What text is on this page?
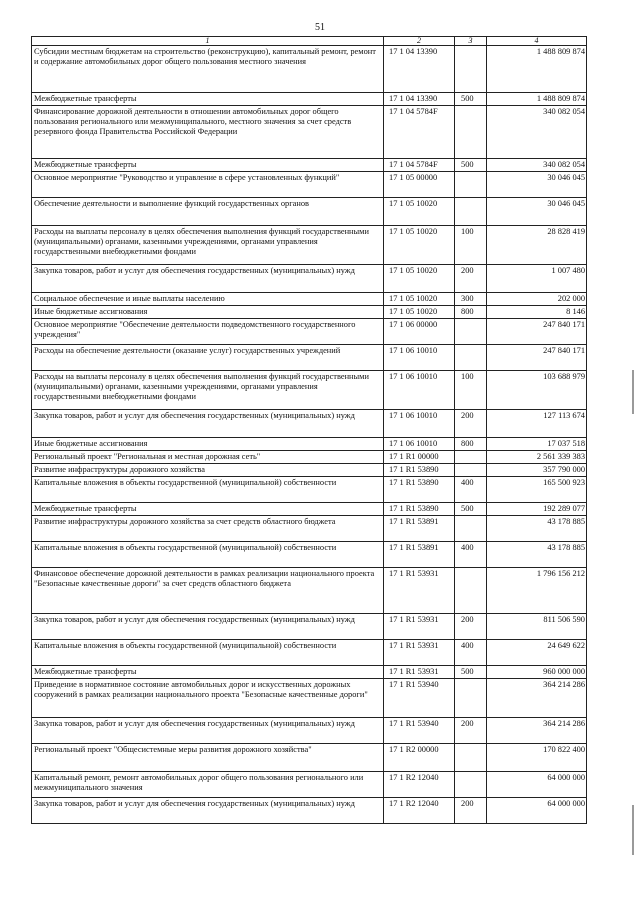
51
1	2	3	4
Субсидии местным бюджетам на строительство (реконструкцию), капитальный ремонт, ремонт и содержание автомобильных дорог общего пользования местного значения	17 1 04 13390		1 488 809 874
Межбюджетные трансферты	17 1 04 13390	500	1 488 809 874
Финансирование дорожной деятельности в отношении автомобильных дорог общего пользования регионального или межмуниципального, местного значения за счет средств резервного фонда Правительства Российской Федерации	17 1 04 5784F		340 082 054
Межбюджетные трансферты	17 1 04 5784F	500	340 082 054
Основное мероприятие "Руководство и управление в сфере установленных функций"	17 1 05 00000		30 046 045
Обеспечение деятельности и выполнение функций государственных органов	17 1 05 10020		30 046 045
Расходы на выплаты персоналу в целях обеспечения выполнения функций государственными (муниципальными) органами, казенными учреждениями, органами управления государственными внебюджетными фондами	17 1 05 10020	100	28 828 419
Закупка товаров, работ и услуг для обеспечения государственных (муниципальных) нужд	17 1 05 10020	200	1 007 480
Социальное обеспечение и иные выплаты населению	17 1 05 10020	300	202 000
Иные бюджетные ассигнования	17 1 05 10020	800	8 146
Основное мероприятие "Обеспечение деятельности подведомственного государственного учреждения"	17 1 06 00000		247 840 171
Расходы на обеспечение деятельности (оказание услуг) государственных учреждений	17 1 06 10010		247 840 171
Расходы на выплаты персоналу в целях обеспечения выполнения функций государственными (муниципальными) органами, казенными учреждениями, органами управления государственными внебюджетными фондами	17 1 06 10010	100	103 688 979
Закупка товаров, работ и услуг для обеспечения государственных (муниципальных) нужд	17 1 06 10010	200	127 113 674
Иные бюджетные ассигнования	17 1 06 10010	800	17 037 518
Региональный проект "Региональная и местная дорожная сеть"	17 1 R1 00000		2 561 339 383
Развитие инфраструктуры дорожного хозяйства	17 1 R1 53890		357 790 000
Капитальные вложения в объекты государственной (муниципальной) собственности	17 1 R1 53890	400	165 500 923
Межбюджетные трансферты	17 1 R1 53890	500	192 289 077
Развитие инфраструктуры дорожного хозяйства за счет средств областного бюджета	17 1 R1 53891		43 178 885
Капитальные вложения в объекты государственной (муниципальной) собственности	17 1 R1 53891	400	43 178 885
Финансовое обеспечение дорожной деятельности в рамках реализации национального проекта "Безопасные качественные дороги" за счет средств областного бюджета	17 1 R1 53931		1 796 156 212
Закупка товаров, работ и услуг для обеспечения государственных (муниципальных) нужд	17 1 R1 53931	200	811 506 590
Капитальные вложения в объекты государственной (муниципальной) собственности	17 1 R1 53931	400	24 649 622
Межбюджетные трансферты	17 1 R1 53931	500	960 000 000
Приведение в нормативное состояние автомобильных дорог и искусственных дорожных сооружений в рамках реализации национального проекта "Безопасные качественные дороги"	17 1 R1 53940		364 214 286
Закупка товаров, работ и услуг для обеспечения государственных (муниципальных) нужд	17 1 R1 53940	200	364 214 286
Региональный проект "Общесистемные меры развития дорожного хозяйства"	17 1 R2 00000		170 822 400
Капитальный ремонт, ремонт автомобильных дорог общего пользования регионального или межмуниципального значения	17 1 R2 12040		64 000 000
Закупка товаров, работ и услуг для обеспечения государственных (муниципальных) нужд	17 1 R2 12040	200	64 000 000
